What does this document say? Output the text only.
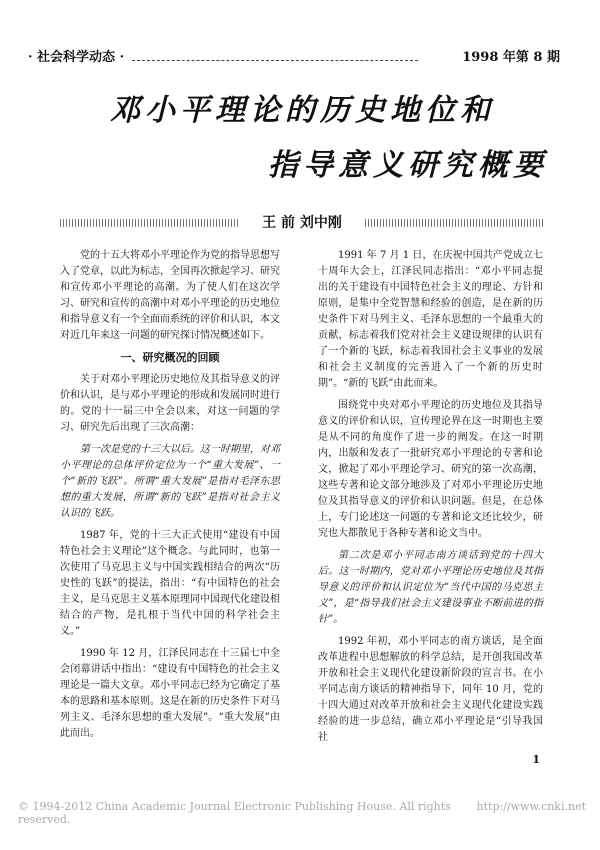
· 社会科学动态 ·	1998 年第 8 期
邓小平理论的历史地位和
指导意义研究概要
王 前 刘中刚

党的十五大将邓小平理论作为党的指导思想写入了党章，以此为标志，全国再次掀起学习、研究和宣传邓小平理论的高潮。为了使人们在这次学习、研究和宣传的高潮中对邓小平理论的历史地位和指导意义有一个全面而系统的评价和认识，本文对近几年来这一问题的研究探讨情况概述如下。

一、研究概况的回顾

关于对邓小平理论历史地位及其指导意义的评价和认识，是与邓小平理论的形成和发展同时进行的。党的十一届三中全会以来，对这一问题的学习、研究先后出现了三次高潮：

第一次是党的十三大以后。这一时期里，对邓小平理论的总体评价定位为一个“重大发展”、一个“新的飞跃”。所谓“重大发展”是指对毛泽东思想的重大发展，所谓“新的飞跃”是指对社会主义认识的飞跃。

1987 年，党的十三大正式使用“建设有中国特色社会主义理论”这个概念。与此同时，也第一次使用了马克思主义与中国实践相结合的两次“历史性的飞跃”的提法，指出：“有中国特色的社会主义，是马克思主义基本原理同中国现代化建设相结合的产物，是扎根于当代中国的科学社会主义。”

1990 年 12 月，江泽民同志在十三届七中全会闭幕讲话中指出：“建设有中国特色的社会主义理论是一篇大文章。邓小平同志已经为它确定了基本的思路和基本原则。这是在新的历史条件下对马列主义、毛泽东思想的重大发展”。“重大发展”由此而出。

1991 年 7 月 1 日，在庆祝中国共产党成立七十周年大会上，江泽民同志指出：“邓小平同志提出的关于建设有中国特色社会主义的理论、方针和原则，是集中全党智慧和经验的创造，是在新的历史条件下对马列主义、毛泽东思想的一个最重大的贡献，标志着我们党对社会主义建设规律的认识有了一个新的飞跃，标志着我国社会主义事业的发展和社会主义制度的完善进入了一个新的历史时期”。“新的飞跃”由此而来。

围绕党中央对邓小平理论的历史地位及其指导意义的评价和认识，宣传理论界在这一时期也主要是从不同的角度作了进一步的阐发。在这一时期内，出版和发表了一批研究邓小平理论的专著和论文，掀起了邓小平理论学习、研究的第一次高潮，这些专著和论文部分地涉及了对邓小平理论历史地位及其指导意义的评价和认识问题。但是，在总体上，专门论述这一问题的专著和论文还比较少，研究也大都散见于各种专著和论文当中。

第二次是邓小平同志南方谈话到党的十四大后。这一时期内，党对邓小平理论历史地位及其指导意义的评价和认识定位为“当代中国的马克思主义”，是“指导我们社会主义建设事业不断前进的指针”。

1992 年初，邓小平同志的南方谈话，是全面改革进程中思想解放的科学总结，是开创我国改革开放和社会主义现代化建设新阶段的宣言书。在小平同志南方谈话的精神指导下，同年 10 月，党的十四大通过对改革开放和社会主义现代化建设实践经验的进一步总结，确立邓小平理论是“引导我国社

1
© 1994-2012 China Academic Journal Electronic Publishing House. All rights reserved.
http://www.cnki.net
